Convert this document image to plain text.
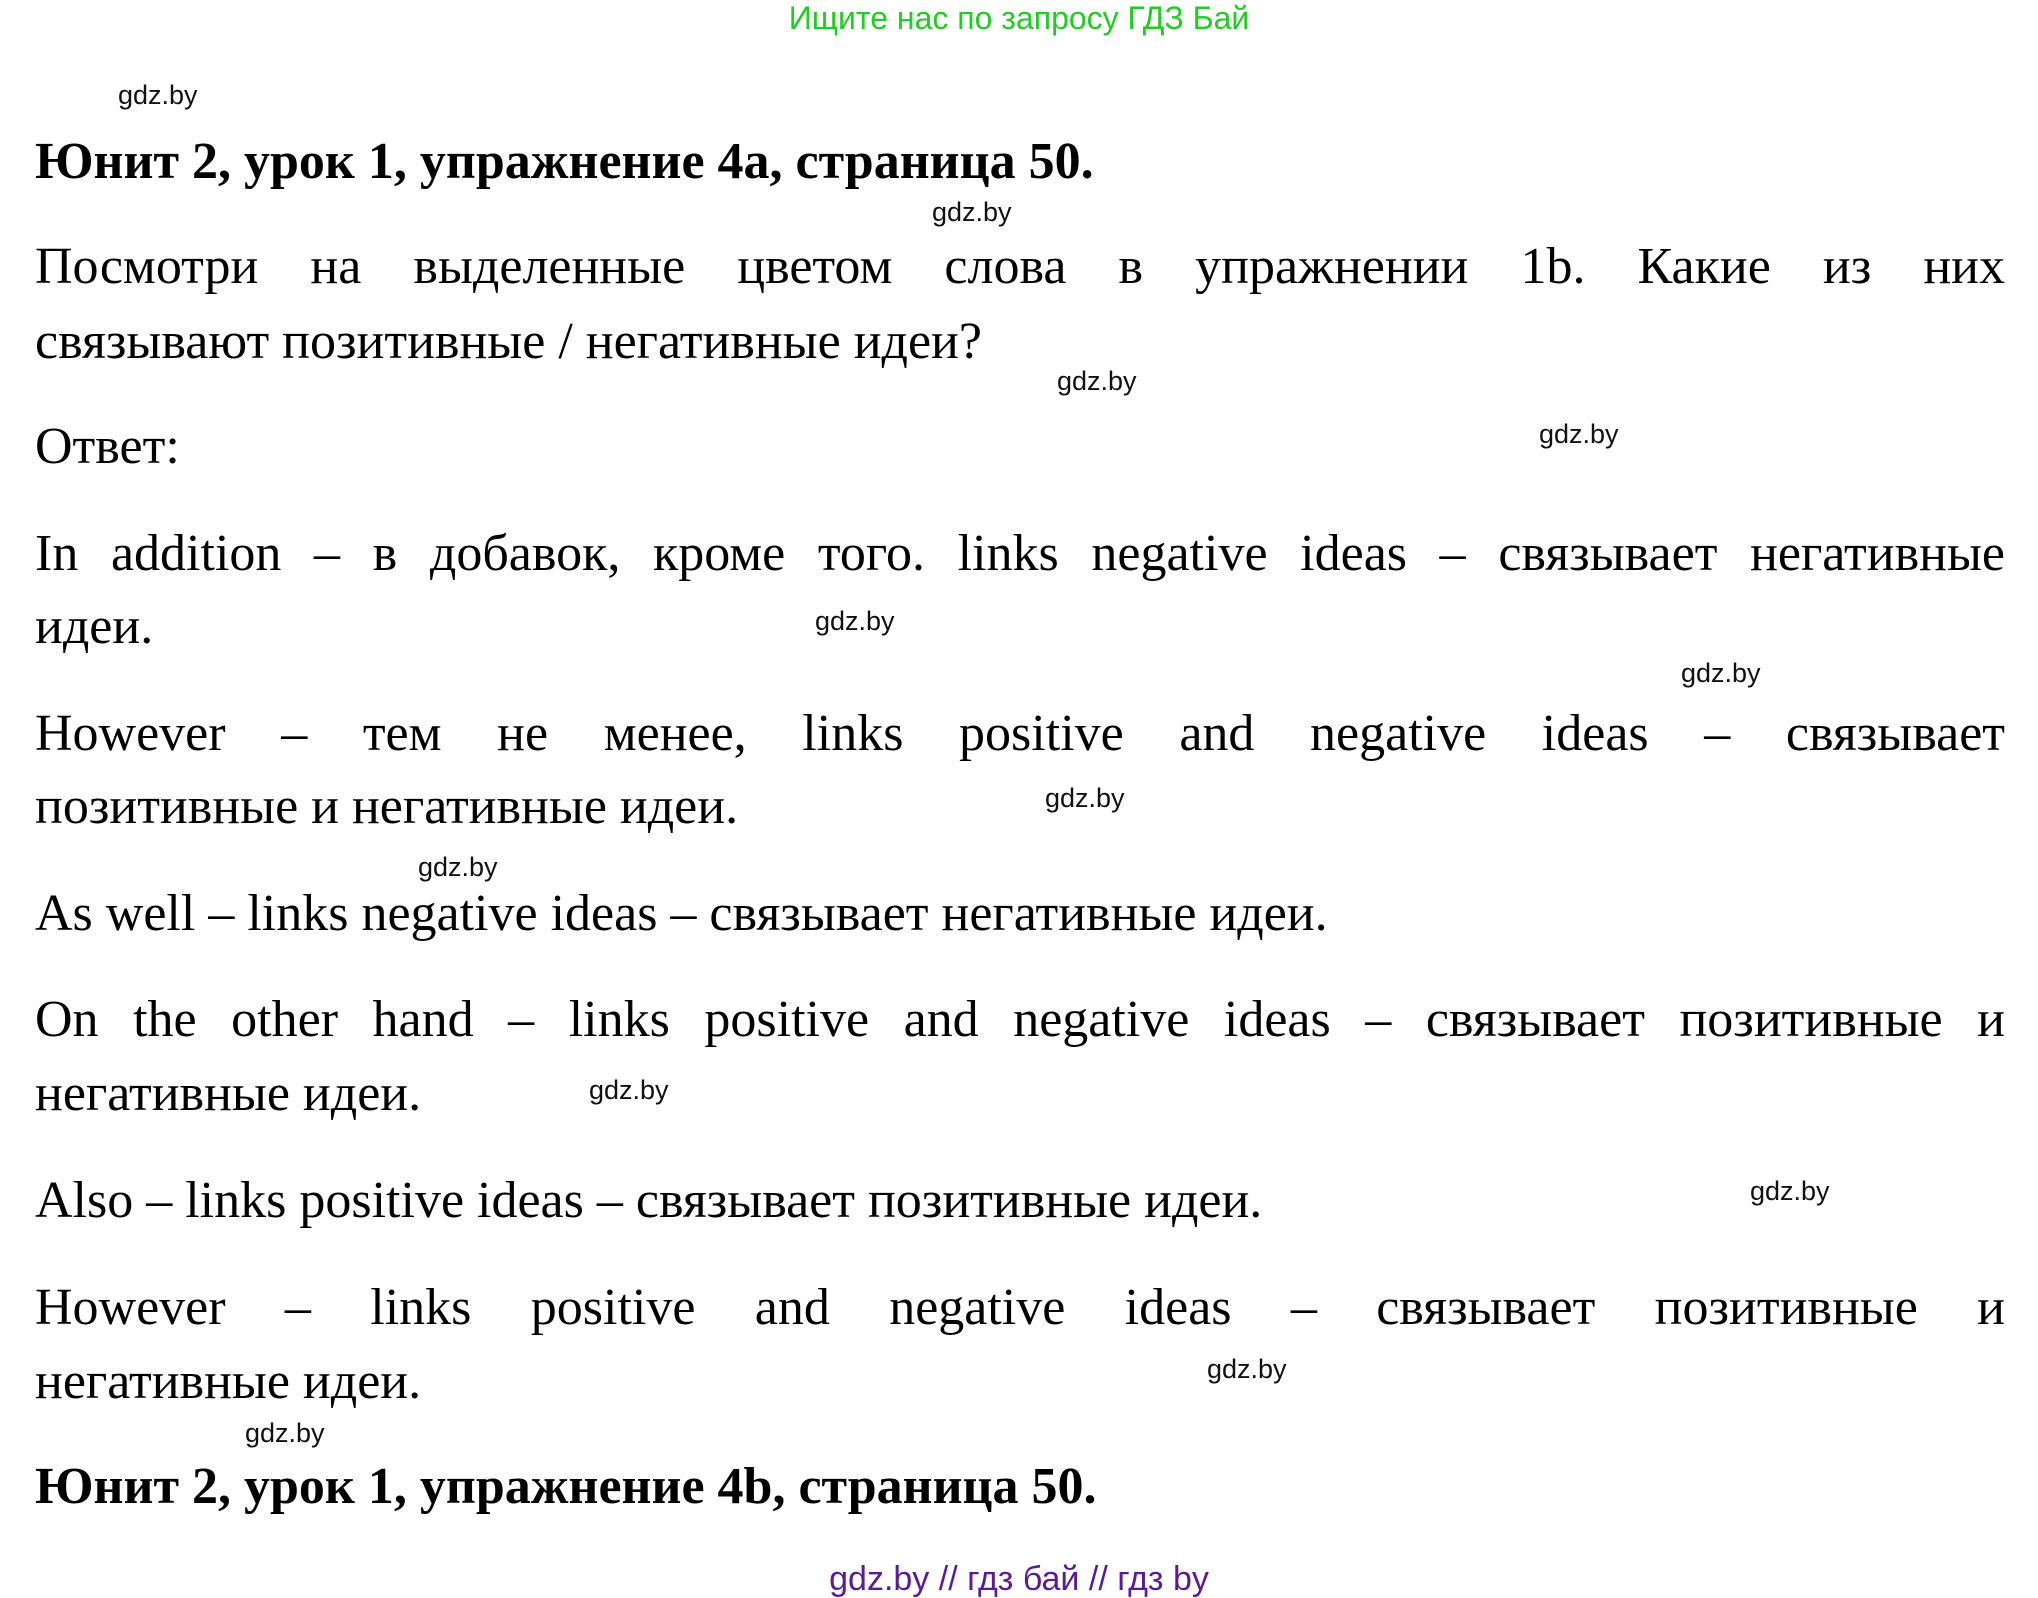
Ищите нас по запросу ГДЗ Бай
gdz.by
Юнит 2, урок 1, упражнение 4а, страница 50.
gdz.by
Посмотри на выделенные цветом слова в упражнении 1b. Какие из них
связывают позитивные / негативные идеи?
gdz.by
Ответ:	gdz.by
In addition – в добавок, кроме того. links negative ideas – связывает негативные
идеи.	gdz.by
gdz.by
However – тем не менее, links positive and negative ideas – связывает
позитивные и негативные идеи.	gdz.by
gdz.by
As well – links negative ideas – связывает негативные идеи.
On the other hand – links positive and negative ideas – связывает позитивные и
негативные идеи.	gdz.by
Also – links positive ideas – связывает позитивные идеи.	gdz.by
However – links positive and negative ideas – связывает позитивные и
негативные идеи.	gdz.by
gdz.by
Юнит 2, урок 1, упражнение 4b, страница 50.
gdz.by // гдз бай // гдз by
